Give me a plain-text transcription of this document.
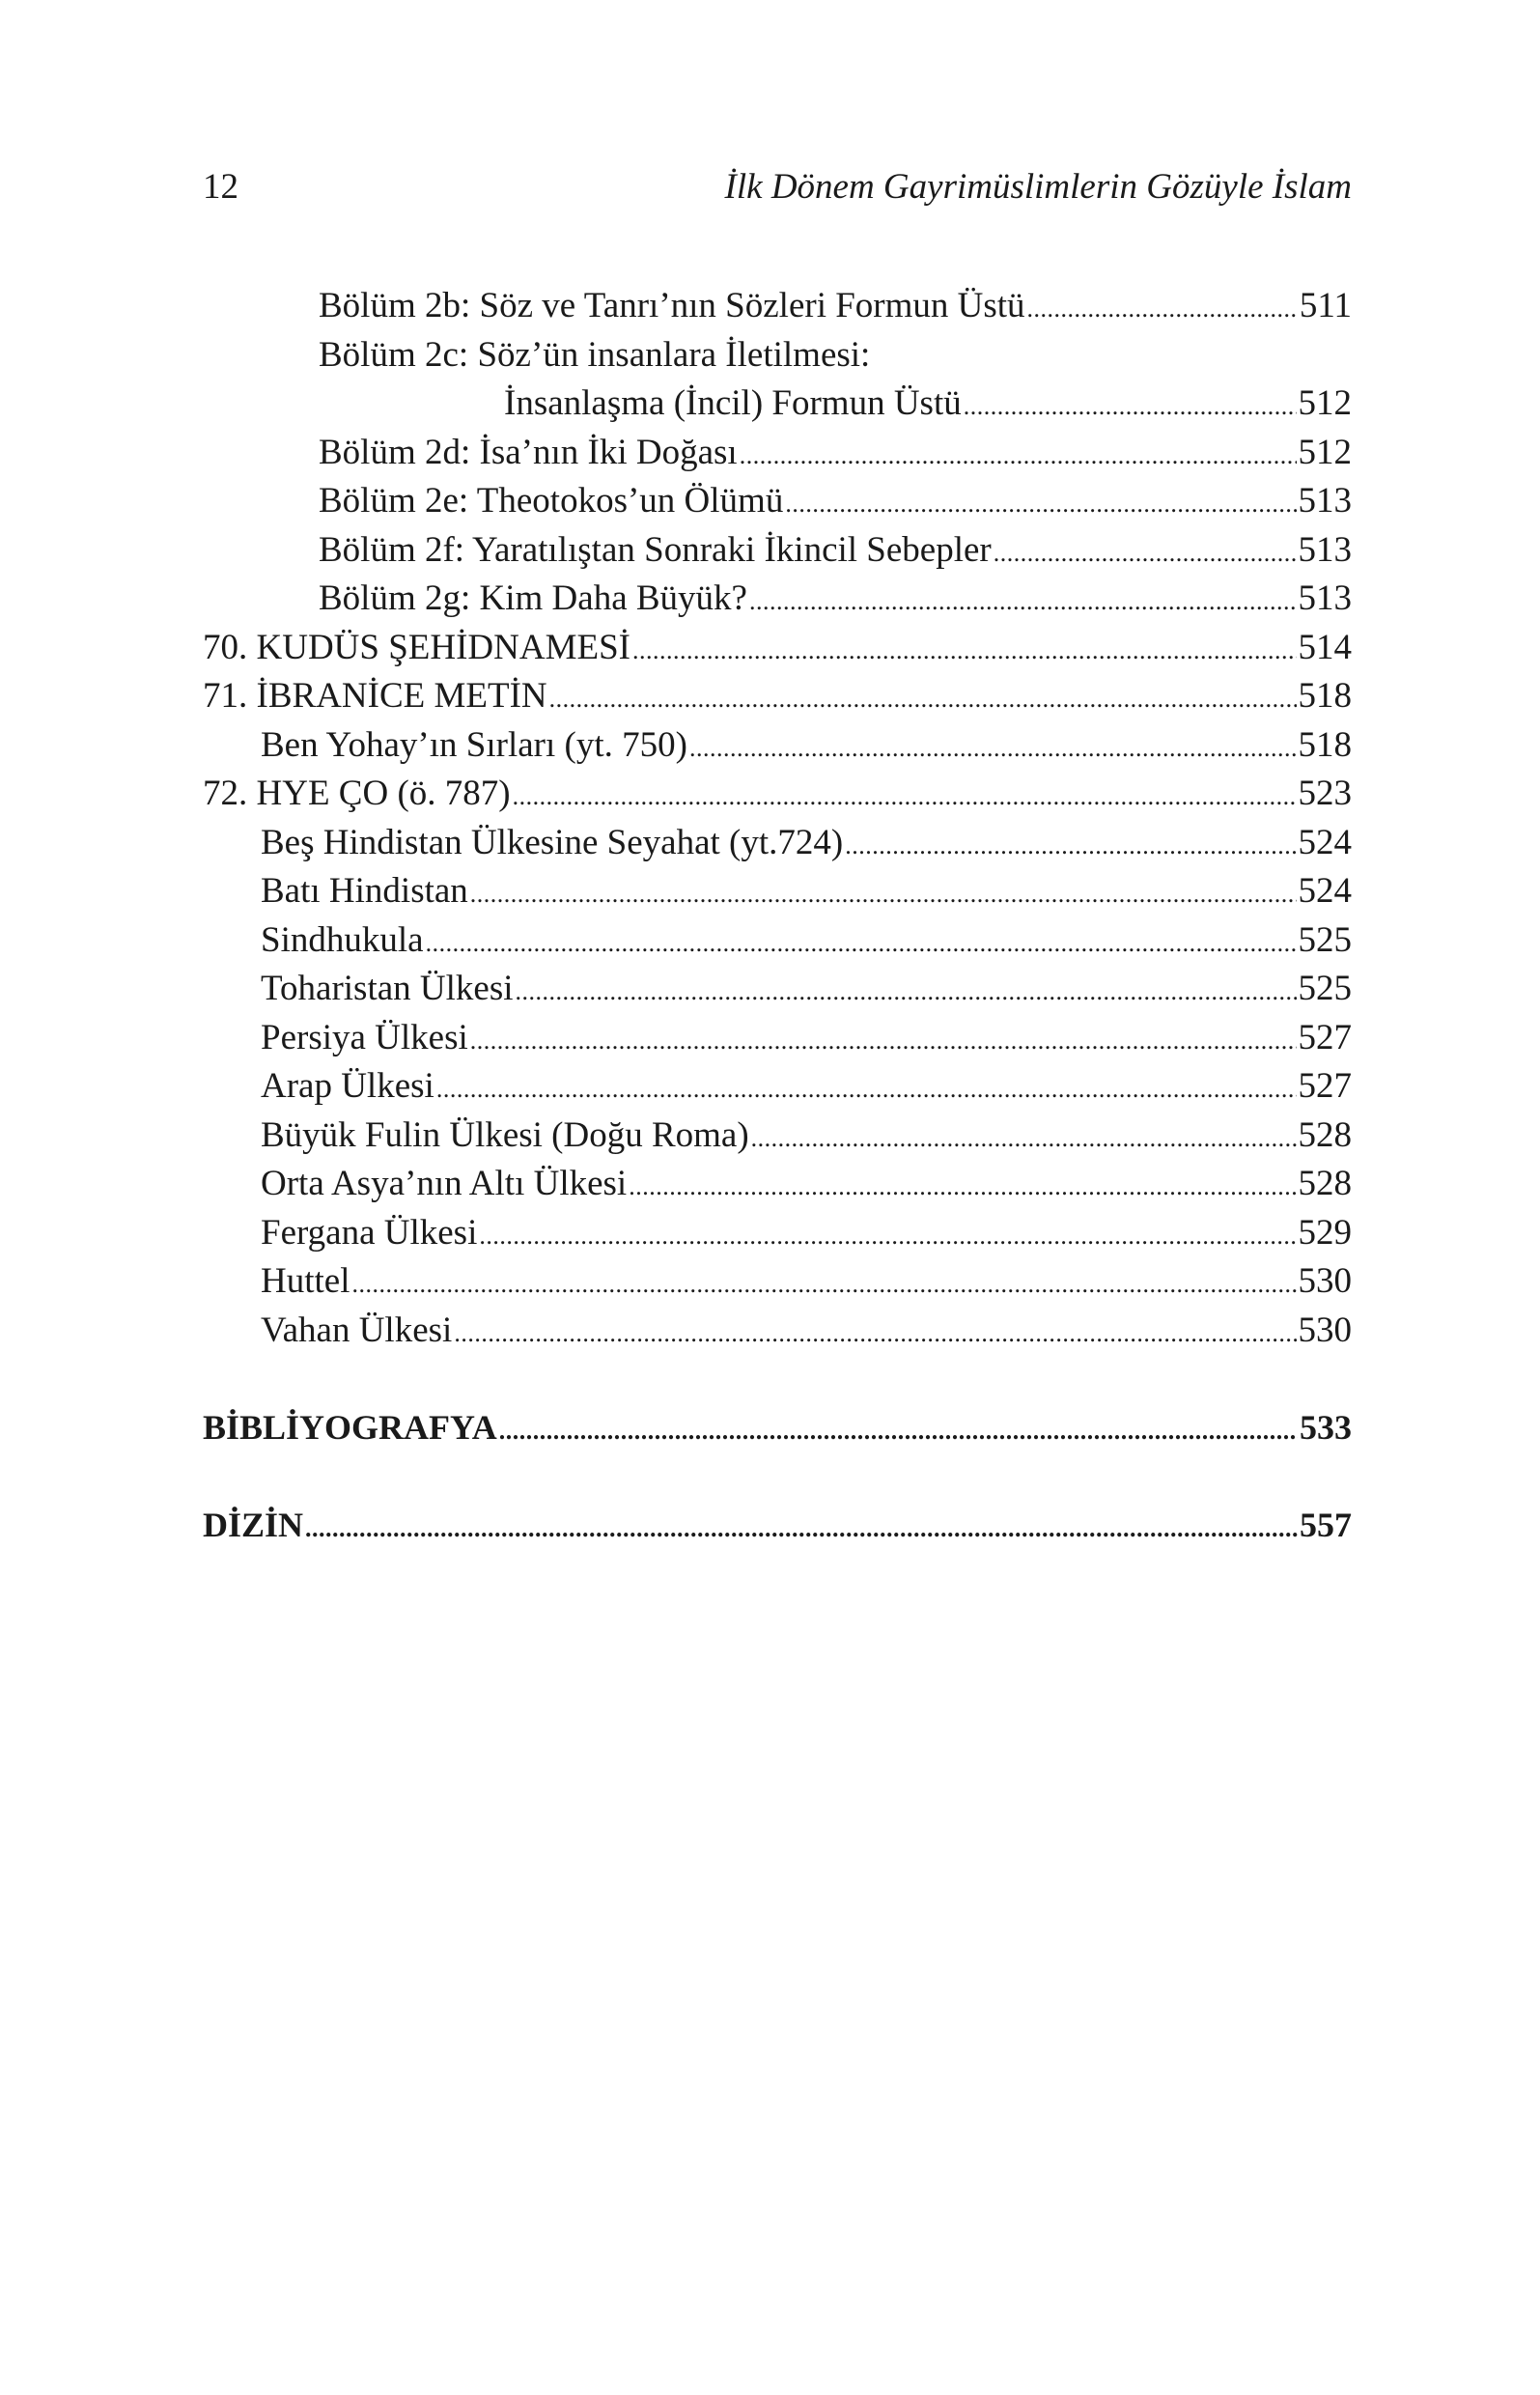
12	İlk Dönem Gayrimüslimlerin Gözüyle İslam
Bölüm 2b: Söz ve Tanrı’nın Sözleri Formun Üstü .....	511
Bölüm 2c: Söz’ün insanlara İletilmesi:
İnsanlaşma (İncil) Formun Üstü .....	512
Bölüm 2d: İsa’nın İki Doğası .....	512
Bölüm 2e: Theotokos’un Ölümü .....	513
Bölüm 2f: Yaratılıştan Sonraki İkincil Sebepler .....	513
Bölüm 2g: Kim Daha Büyük? .....	513
70. KUDÜS ŞEHİDNAMESİ .....	514
71. İBRANİCE METİN .....	518
Ben Yohay’ın Sırları (yt. 750) .....	518
72. HYE ÇO (ö. 787) .....	523
Beş Hindistan Ülkesine Seyahat (yt.724) .....	524
Batı Hindistan .....	524
Sindhukula .....	525
Toharistan Ülkesi .....	525
Persiya Ülkesi .....	527
Arap Ülkesi .....	527
Büyük Fulin Ülkesi (Doğu Roma) .....	528
Orta Asya’nın Altı Ülkesi .....	528
Fergana Ülkesi .....	529
Huttel .....	530
Vahan Ülkesi .....	530
BİBLİYOGRAFYA .....	533
DİZİN .....	557
